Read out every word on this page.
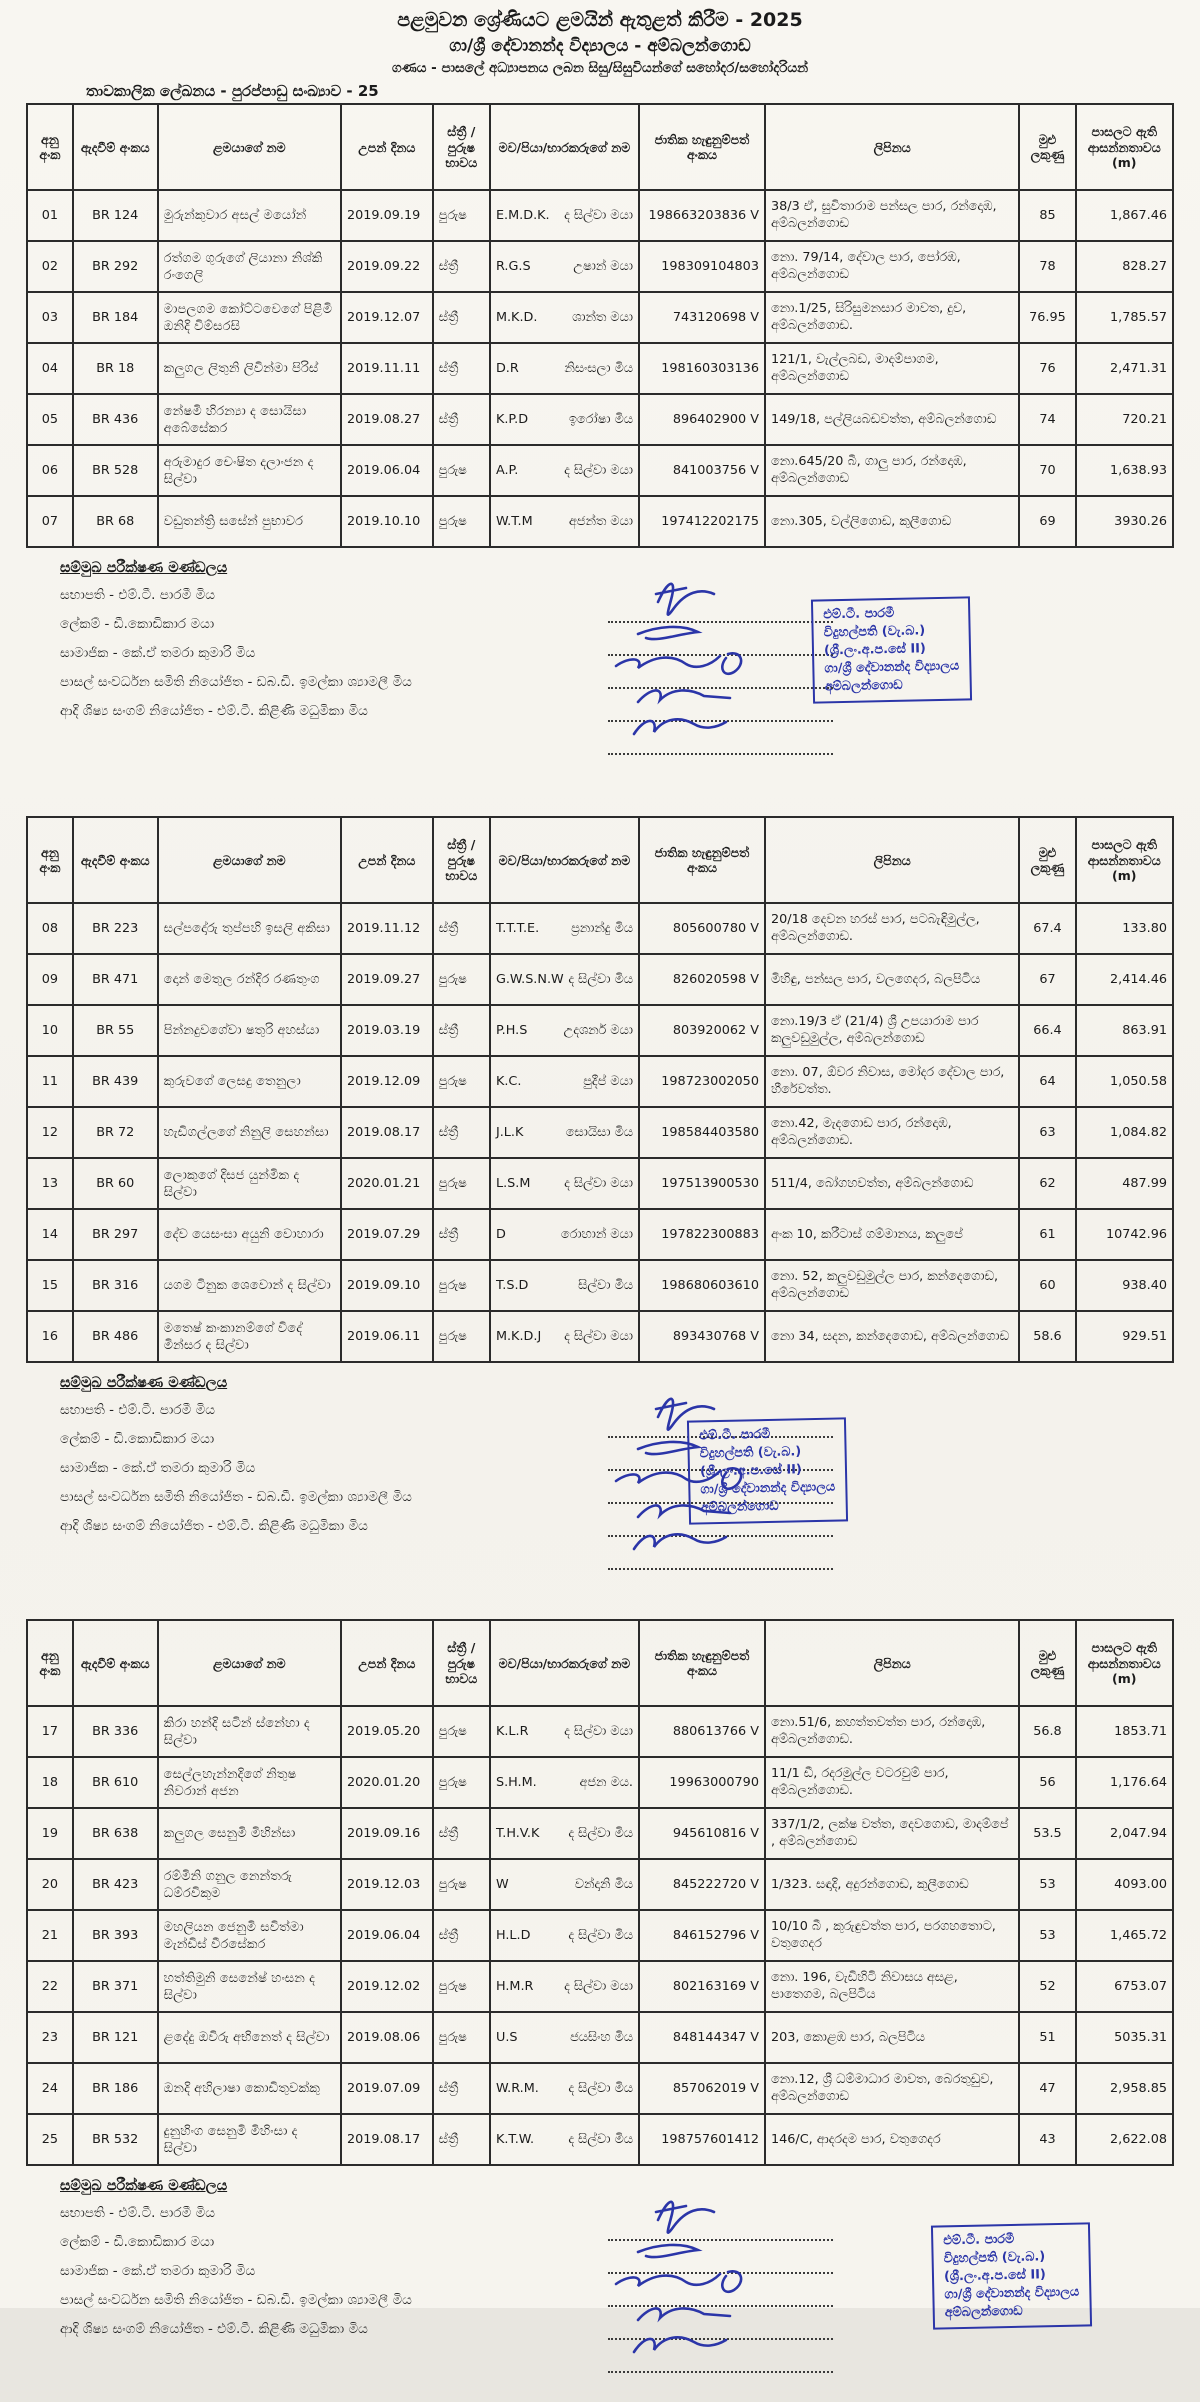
පළමුවන ශ්‍රේණියට ළමයින් ඇතුළත් කිරීම - 2025
ගා/ශ්‍රී දේවානන්ද විද්‍යාලය - අම්බලන්ගොඩ
ගණය - පාසලේ අධ්‍යාපනය ලබන සිසු/සිසුවියන්ගේ සහෝදර/සහෝදරියන්
තාවකාලික ලේඛනය - පුරප්පාඩු සංඛ්‍යාව - 25
අනු අංක	ඇදවීම් අංකය	ළමයාගේ නම	උපන් දිනය	ස්ත්‍රී /පුරුෂ භාවය	මව/පියා/භාරකරුගේ නම	ජාතික හැඳුනුම්පත් අංකය	ලිපිනය	මුළු ලකුණු	පාසලට ඇති ආසන්නතාවය (m)
01	BR 124	මුරුන්කුවාර අසල් මයෝන්	2019.09.19	පුරුෂ	E.M.D.K. ද සිල්වා මයා	198663203836 V	38/3 ඒ, සුවිතාරාම පන්සල පාර, රන්දොඹ, අම්බලන්ගොඩ	85	1,867.46
02	BR 292	රත්ගම ගුරුගේ ලියානා නිශ්කි රංගෙලි	2019.09.22	ස්ත්‍රී	R.G.S උෂාන් මයා	198309104803	නො. 79/14, දේවාල පාර, පෝරඹ, අම්බලන්ගොඩ	78	828.27
03	BR 184	මාපලගම කෝට්ටවෙගේ පිළිමි ඔනිදි විම්සරසි	2019.12.07	ස්ත්‍රී	M.K.D. ශාන්ත මයා	743120698 V	නො.1/25, සිරිසුමනසාර මාවත, දුව, අම්බලන්ගොඩ.	76.95	1,785.57
04	BR 18	කලුගල ලිතුනි ලිවින්මා පිරිස්	2019.11.11	ස්ත්‍රී	D.R නිසංසලා මිය	198160303136	121/1, වැල්ලබඩ, මාදම්පාගම, අම්බලන්ගොඩ	76	2,471.31
05	BR 436	නේෂමි හිරන්‍යා ද සොයිසා අබේසේකර	2019.08.27	ස්ත්‍රී	K.P.D ඉරෝෂා මිය	896402900 V	149/18, පල්ලියබඩවත්ත, අම්බලන්ගොඩ	74	720.21
06	BR 528	අරුමාදුර චෙංෂිත දලාංජන ද සිල්වා	2019.06.04	පුරුෂ	A.P. ද සිල්වා මයා	841003756 V	නො.645/20 බී, ගාලු පාර, රන්දොඹ, අම්බලන්ගොඩ	70	1,638.93
07	BR 68	වඩුතන්ත්‍රි සසේන් පුභාවර	2019.10.10	පුරුෂ	W.T.M අජන්ත මයා	197412202175	නො.305, වල්ලිගොඩ, කුලීගොඩ	69	3930.26
සම්මුඛ පරීක්ෂණ මණ්ඩලය
සභාපති - එම්.ටී. පාරමී මිය
ලේකම් - ඩී.කොඩිකාර මයා
සාමාජික - කේ.ඒ තමරා කුමාරි මිය
පාසල් සංවර්ධන සමිති නියෝජිත - ඩබ.ඩී. ඉමල්කා ශ්‍යාමලී මිය
ආදි ශිෂ්‍ය සංගම් නියෝජිත - එම්.ටී. කිළිණි මධුමිකා මිය
එම්.ටී. පාරමී
විදුහල්පති (වැ.බ.)
(ශ්‍රී.ලං.අ.ප.සේ II)
ගා/ශ්‍රී දේවානන්ද විද්‍යාලය
අම්බලන්ගොඩ
අනු අංක	ඇදවීම් අංකය	ළමයාගේ නම	උපන් දිනය	ස්ත්‍රී /පුරුෂ භාවය	මව/පියා/භාරකරුගේ නම	ජාතික හැඳුනුම්පත් අංකය	ලිපිනය	මුළු ලකුණු	පාසලට ඇති ආසන්නතාවය (m)
08	BR 223	සල්පදෝරු තුප්පහි ඉසලි අකිසා	2019.11.12	ස්ත්‍රී	T.T.T.E. ප්‍රනාන්දු මිය	805600780 V	20/18 දෙවන හරස් පාර, පටබැඳිමුල්ල, අම්බලන්ගොඩ.	67.4	133.80
09	BR 471	දොන් මෙතුල රන්දිර රණතුංග	2019.09.27	පුරුෂ	G.W.S.N.W ද සිල්වා මිය	826020598 V	මිහිඳු, පන්සල පාර, වලගෙදර, බලපිටිය	67	2,414.46
10	BR 55	පින්නදුවගේවා ෂතුරි අහස්යා	2019.03.19	ස්ත්‍රී	P.H.S උදශර්න මයා	803920062 V	නො.19/3 ඒ (21/4) ශ්‍රී උපයාරාම පාර කලුවඩුමුල්ල, අම්බලන්ගොඩ	66.4	863.91
11	BR 439	කුරුවගේ ලෙසදු තෙනුලා	2019.12.09	පුරුෂ	K.C. පුදීප් මයා	198723002050	නො. 07, ඕවර නිවාස, මෝදර දේවාල පාර, හීරේවත්ත.	64	1,050.58
12	BR 72	හැඩිගල්ලගේ නිනුලි සෙහන්සා	2019.08.17	ස්ත්‍රී	J.L.K සොයිසා මිය	198584403580	නො.42, මැදගොඩ පාර, රන්දොඹ, අම්බලන්ගොඩ.	63	1,084.82
13	BR 60	ලොකුගේ දිසජ යුන්මික ද සිල්වා	2020.01.21	පුරුෂ	L.S.M ද සිල්වා මයා	197513900530	511/4, බෝගහවත්ත, අම්බලන්ගොඩ	62	487.99
14	BR 297	දේව යෙසංසා අයුනි වොහාරා	2019.07.29	ස්ත්‍රී	D රොහාන් මයා	197822300883	අංක 10, කරීටාස් ගම්මානය, කලුපේ	61	10742.96
15	BR 316	යගම ටිනුක ශෙවොන් ද සිල්වා	2019.09.10	පුරුෂ	T.S.D සිල්වා මිය	198680603610	නො. 52, කලුවඩුමුල්ල පාර, කන්දෙගොඩ, අම්බලන්ගොඩ	60	938.40
16	BR 486	මතෙෂ් කංකානම්ගේ විදේ මින්සර ද සිල්වා	2019.06.11	පුරුෂ	M.K.D.J ද සිල්වා මයා	893430768 V	නො 34, සදන, කන්දෙගොඩ, අම්බලන්ගොඩ	58.6	929.51
සම්මුඛ පරීක්ෂණ මණ්ඩලය
සභාපති - එම්.ටී. පාරමී මිය
ලේකම් - ඩී.කොඩිකාර මයා
සාමාජික - කේ.ඒ තමරා කුමාරි මිය
පාසල් සංවර්ධන සමිති නියෝජිත - ඩබ.ඩී. ඉමල්කා ශ්‍යාමලී මිය
ආදි ශිෂ්‍ය සංගම් නියෝජිත - එම්.ටී. කිළිණි මධුමිකා මිය
එම්.ටී. පාරමී
විදුහල්පති (වැ.බ.)
(ශ්‍රී.ලං.අ.ප.සේ II)
ගා/ශ්‍රී දේවානන්ද විද්‍යාලය
අම්බලන්ගොඩ
අනු අංක	ඇදවීම් අංකය	ළමයාගේ නම	උපන් දිනය	ස්ත්‍රී /පුරුෂ භාවය	මව/පියා/භාරකරුගේ නම	ජාතික හැඳුනුම්පත් අංකය	ලිපිනය	මුළු ලකුණු	පාසලට ඇති ආසන්නතාවය (m)
17	BR 336	කිරා හන්දි සටින් ස්නේහා ද සිල්වා	2019.05.20	පුරුෂ	K.L.R ද සිල්වා මයා	880613766 V	නො.51/6, කහත්තවත්ත පාර, රන්දොඹ, අම්බලන්ගොඩ.	56.8	1853.71
18	BR 610	සෙල්ලහැන්නදිගේ නිතුෂ නිවරාන් අජන	2020.01.20	පුරුෂ	S.H.M. අජන මය.	19963000790	11/1 ඩී, රදරමුල්ල වටරවුම් පාර, අම්බලන්ගොඩ.	56	1,176.64
19	BR 638	කලුගල සෙනුමි මිහින්සා	2019.09.16	ස්ත්‍රී	T.H.V.K ද සිල්වා මිය	945610816 V	337/1/2, ලක්ෂ වත්ත, දෙවගොඩ, මාදම්පේ , අම්බලන්ගොඩ	53.5	2,047.94
20	BR 423	රම්මිනි ගනුල නෙන්තරු ධම්රවිකුම	2019.12.03	පුරුෂ	W වන්දානි මිය	845222720 V	1/323. සඳාදි, අදුරන්ගොඩ, කුලීගොඩ	53	4093.00
21	BR 393	මහලියන ජෙනුමි සවිත්මා මැන්ඩිස් වීරසේකර	2019.06.04	ස්ත්‍රී	H.L.D ද සිල්වා මිය	846152796 V	10/10 බී , කුරුඳුවත්ත පාර, පරගහතොට, වතුගෙදර	53	1,465.72
22	BR 371	හත්තිමුනි සෙනේෂ් හංසන ද සිල්වා	2019.12.02	පුරුෂ	H.M.R ද සිල්වා මයා	802163169 V	නො. 196, වැඩිහිටි නිවාසය අසළ, පාතෙගම, බලපිටිය	52	6753.07
23	BR 121	ළදේදු ඔවිරු අභිනෙත් ද සිල්වා	2019.08.06	පුරුෂ	U.S ජයසිංහ මිය	848144347 V	203, කොළඹ පාර, බලපිටිය	51	5035.31
24	BR 186	ඔනදි අහිලාෂා කොඩිතුවක්කු	2019.07.09	ස්ත්‍රී	W.R.M. ද සිල්වා මිය	857062019 V	නො.12, ශ්‍රී ධම්මාධාර මාවත, බෙරතුඩුව, අම්බලන්ගොඩ	47	2,958.85
25	BR 532	දුනුහිංග සෙනුමි මිහිංසා ද සිල්වා	2019.08.17	ස්ත්‍රී	K.T.W. ද සිල්වා මිය	198757601412	146/C, ආදරදම පාර, වතුගෙදර	43	2,622.08
සම්මුඛ පරීක්ෂණ මණ්ඩලය
සභාපති - එම්.ටී. පාරමී මිය
ලේකම් - ඩී.කොඩිකාර මයා
සාමාජික - කේ.ඒ තමරා කුමාරි මිය
පාසල් සංවර්ධන සමිති නියෝජිත - ඩබ.ඩී. ඉමල්කා ශ්‍යාමලී මිය
ආදි ශිෂ්‍ය සංගම් නියෝජිත - එම්.ටී. කිළිණි මධුමිකා මිය
එම්.ටී. පාරමී
විදුහල්පති (වැ.බ.)
(ශ්‍රී.ලං.අ.ප.සේ II)
ගා/ශ්‍රී දේවානන්ද විද්‍යාලය
අම්බලන්ගොඩ
